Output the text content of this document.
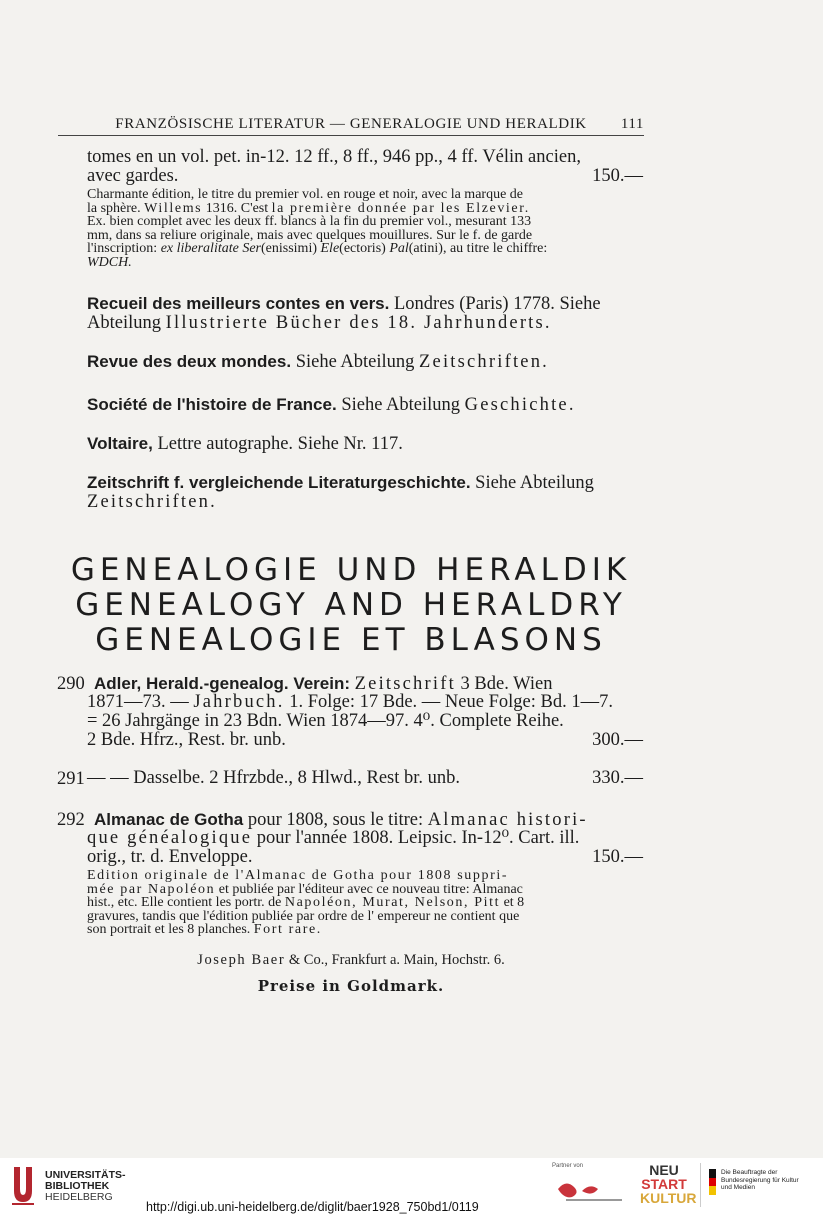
FRANZÖSISCHE LITERATUR — GENERALOGIE UND HERALDIK 111
tomes en un vol. pet. in-12. 12 ff., 8 ff., 946 pp., 4 ff. Vélin ancien,
avec gardes.	150.—
Charmante édition, le titre du premier vol. en rouge et noir, avec la marque de
la sphère. Willems 1316. C'est la première donnée par les Elzevier.
Ex. bien complet avec les deux ff. blancs à la fin du premier vol., mesurant 133
mm, dans sa reliure originale, mais avec quelques mouillures. Sur le f. de garde
l'inscription: ex liberalitate Ser(enissimi) Ele(ectoris) Pal(atini), au titre le chiffre:
WDCH.
Recueil des meilleurs contes en vers. Londres (Paris) 1778. Siehe
Abteilung Illustrierte Bücher des 18. Jahrhunderts.
Revue des deux mondes. Siehe Abteilung Zeitschriften.
Société de l'histoire de France. Siehe Abteilung Geschichte.
Voltaire, Lettre autographe. Siehe Nr. 117.
Zeitschrift f. vergleichende Literaturgeschichte. Siehe Abteilung
Zeitschriften.
GENEALOGIE UND HERALDIK
GENEALOGY AND HERALDRY
GENEALOGIE ET BLASONS
290 Adler, Herald.-genealog. Verein: Zeitschrift 3 Bde. Wien
1871—73. — Jahrbuch. 1. Folge: 17 Bde. — Neue Folge: Bd. 1—7.
= 26 Jahrgänge in 23 Bdn. Wien 1874—97. 4⁰. Complete Reihe.
2 Bde. Hfrz., Rest. br. unb.	300.—
291 — — Dasselbe. 2 Hfrzbde., 8 Hlwd., Rest br. unb.	330.—
292 Almanac de Gotha pour 1808, sous le titre: Almanac histori-
que généalogique pour l'année 1808. Leipsic. In-12⁰. Cart. ill.
orig., tr. d. Enveloppe.	150.—
Edition originale de l'Almanac de Gotha pour 1808 suppri-
mée par Napoléon et publiée par l'éditeur avec ce nouveau titre: Almanac
hist., etc. Elle contient les portr. de Napoléon, Murat, Nelson, Pitt et 8
gravures, tandis que l'édition publiée par ordre de l' empereur ne contient que
son portrait et les 8 planches. Fort rare.
Joseph Baer & Co., Frankfurt a. Main, Hochstr. 6.
Preise in Goldmark.
UNIVERSITÄTS-
BIBLIOTHEK
HEIDELBERG
http://digi.ub.uni-heidelberg.de/diglit/baer1928_750bd1/0119
Partner von	NEU
START
KULTUR
Die Beauftragte der Bundesregierung für Kultur und Medien
